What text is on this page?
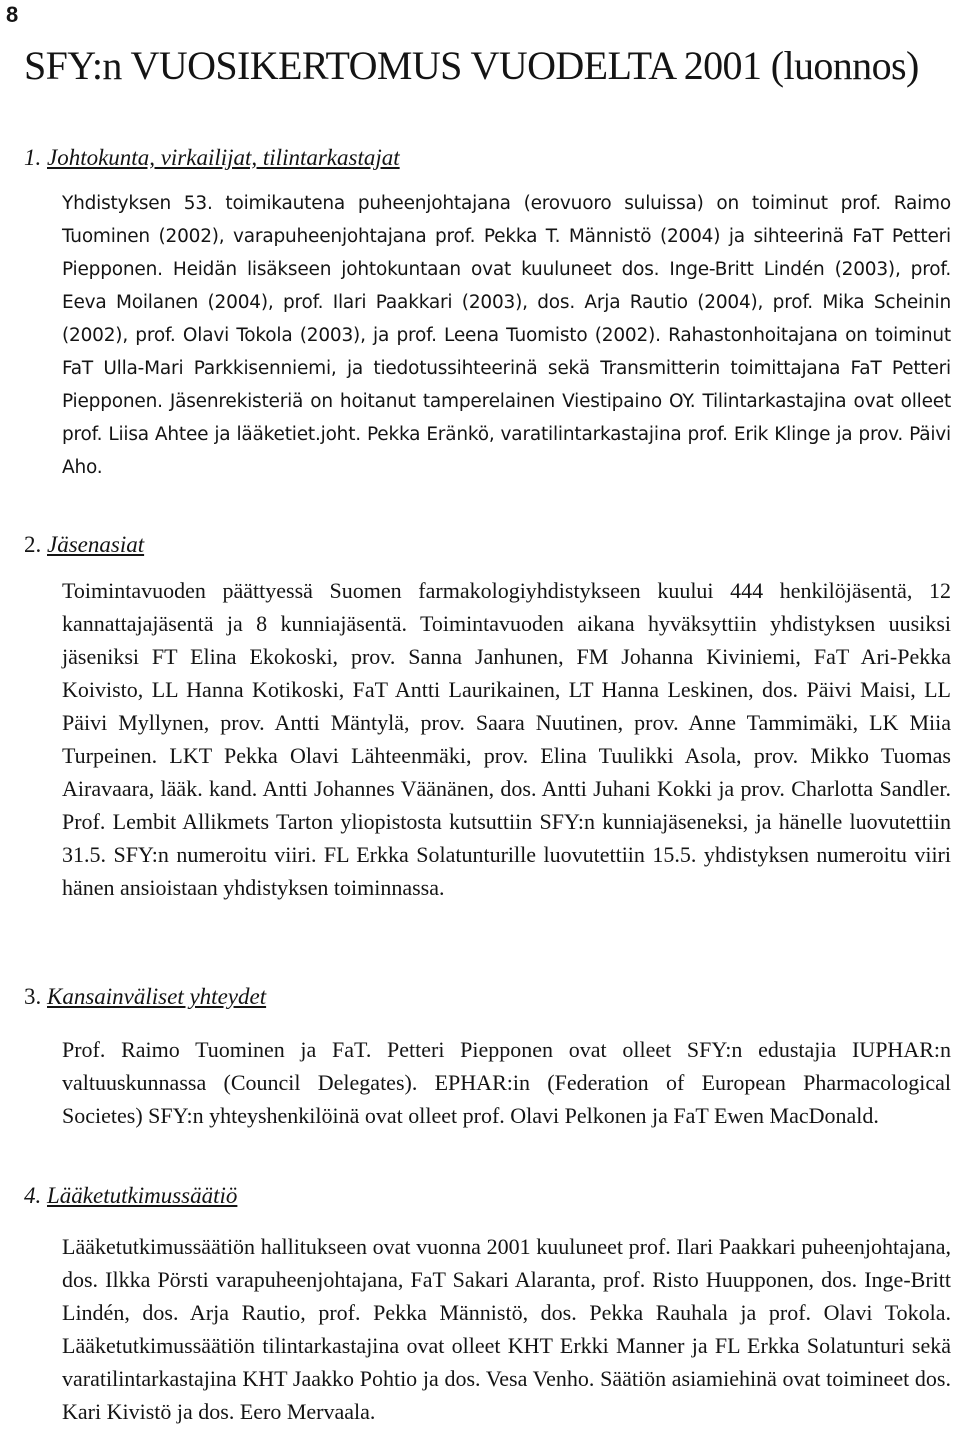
8
SFY:n VUOSIKERTOMUS VUODELTA 2001 (luonnos)
1. Johtokunta, virkailijat, tilintarkastajat

Yhdistyksen 53. toimikautena puheenjohtajana (erovuoro suluissa) on toiminut prof. Raimo Tuominen (2002), varapuheenjohtajana prof. Pekka T. Männistö (2004) ja sihteerinä FaT Petteri Piepponen. Heidän lisäkseen johtokuntaan ovat kuuluneet dos. Inge-Britt Lindén (2003), prof. Eeva Moilanen (2004), prof. Ilari Paakkari (2003), dos. Arja Rautio (2004), prof. Mika Scheinin (2002), prof. Olavi Tokola (2003), ja prof. Leena Tuomisto (2002). Rahastonhoitajana on toiminut FaT Ulla-Mari Parkkisenniemi, ja tiedotussihteerinä sekä Transmitterin toimittajana FaT Petteri Piepponen. Jäsenrekisteriä on hoitanut tamperelainen Viestipaino OY. Tilintarkastajina ovat olleet prof. Liisa Ahtee ja lääketiet.joht. Pekka Eränkö, varatilintarkastajina prof. Erik Klinge ja prov. Päivi Aho.

2. Jäsenasiat

Toimintavuoden päättyessä Suomen farmakologiyhdistykseen kuului 444 henkilöjäsentä, 12 kannattajajäsentä ja 8 kunniajäsentä. Toimintavuoden aikana hyväksyttiin yhdistyksen uusiksi jäseniksi FT Elina Ekokoski, prov. Sanna Janhunen, FM Johanna Kiviniemi, FaT Ari-Pekka Koivisto, LL Hanna Kotikoski, FaT Antti Laurikainen, LT Hanna Leskinen, dos. Päivi Maisi, LL Päivi Myllynen, prov. Antti Mäntylä, prov. Saara Nuutinen, prov. Anne Tammimäki, LK Miia Turpeinen. LKT Pekka Olavi Lähteenmäki, prov. Elina Tuulikki Asola, prov. Mikko Tuomas Airavaara, lääk. kand. Antti Johannes Väänänen, dos. Antti Juhani Kokki ja prov. Charlotta Sandler. Prof. Lembit Allikmets Tarton yliopistosta kutsuttiin SFY:n kunniajäseneksi, ja hänelle luovutettiin 31.5. SFY:n numeroitu viiri. FL Erkka Solatunturille luovutettiin 15.5. yhdistyksen numeroitu viiri hänen ansioistaan yhdistyksen toiminnassa.

3. Kansainväliset yhteydet

Prof. Raimo Tuominen ja FaT. Petteri Piepponen ovat olleet SFY:n edustajia IUPHAR:n valtuuskunnassa (Council Delegates). EPHAR:in (Federation of European Pharmacological Societes) SFY:n yhteyshenkilöinä ovat olleet prof. Olavi Pelkonen ja FaT Ewen MacDonald.

4. Lääketutkimussäätiö

Lääketutkimussäätiön hallitukseen ovat vuonna 2001 kuuluneet prof. Ilari Paakkari puheenjohtajana, dos. Ilkka Pörsti varapuheenjohtajana, FaT Sakari Alaranta, prof. Risto Huupponen, dos. Inge-Britt Lindén, dos. Arja Rautio, prof. Pekka Männistö, dos. Pekka Rauhala ja prof. Olavi Tokola. Lääketutkimussäätiön tilintarkastajina ovat olleet KHT Erkki Manner ja FL Erkka Solatunturi sekä varatilintarkastajina KHT Jaakko Pohtio ja dos. Vesa Venho. Säätiön asiamiehinä ovat toimineet dos. Kari Kivistö ja dos. Eero Mervaala.
